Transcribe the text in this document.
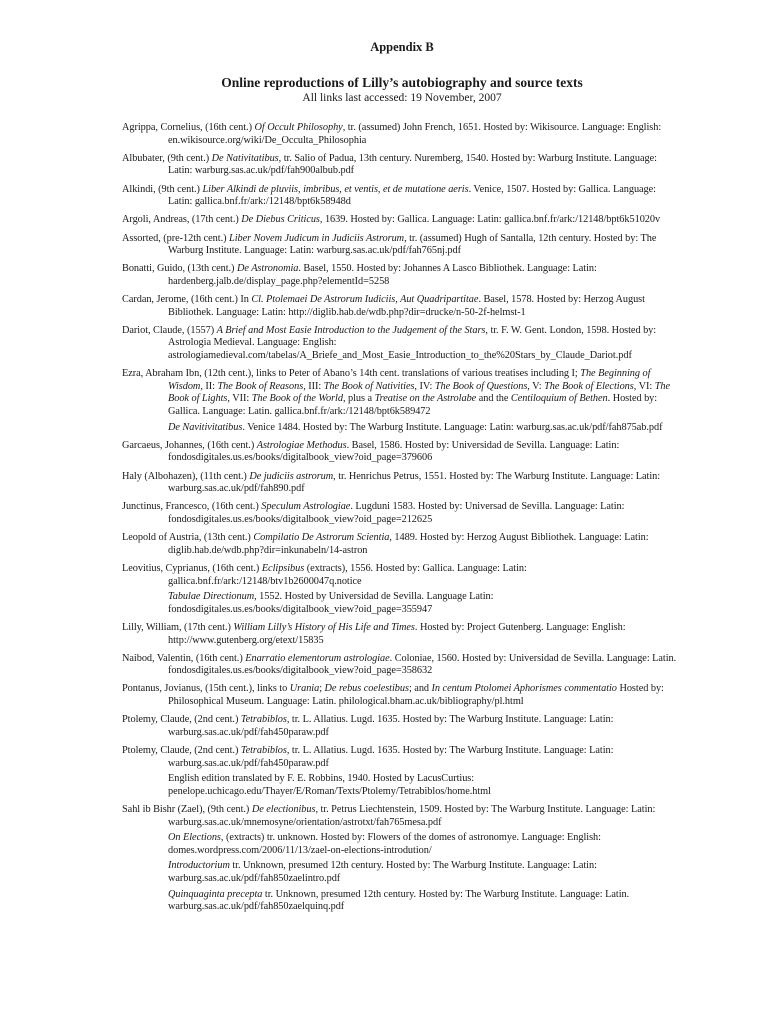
Appendix B
Online reproductions of Lilly’s autobiography and source texts

All links last accessed: 19 November, 2007

Agrippa, Cornelius, (16th cent.) Of Occult Philosophy, tr. (assumed) John French, 1651. Hosted by: Wikisource. Language: English: en.wikisource.org/wiki/De_Occulta_Philosophia

Albubater, (9th cent.) De Nativitatibus, tr. Salio of Padua, 13th century. Nuremberg, 1540. Hosted by: Warburg Institute. Language: Latin: warburg.sas.ac.uk/pdf/fah900albub.pdf

Alkindi, (9th cent.) Liber Alkindi de pluviis, imbribus, et ventis, et de mutatione aeris. Venice, 1507. Hosted by: Gallica. Language: Latin: gallica.bnf.fr/ark:/12148/bpt6k58948d

Argoli, Andreas, (17th cent.) De Diebus Criticus, 1639. Hosted by: Gallica. Language: Latin: gallica.bnf.fr/ark:/12148/bpt6k51020v

Assorted, (pre-12th cent.) Liber Novem Judicum in Judiciis Astrorum, tr. (assumed) Hugh of Santalla, 12th century. Hosted by: The Warburg Institute. Language: Latin: warburg.sas.ac.uk/pdf/fah765nj.pdf

Bonatti, Guido, (13th cent.) De Astronomia. Basel, 1550. Hosted by: Johannes A Lasco Bibliothek. Language: Latin: hardenberg.jalb.de/display_page.php?elementId=5258

Cardan, Jerome, (16th cent.) In Cl. Ptolemaei De Astrorum Iudiciis, Aut Quadripartitae. Basel, 1578. Hosted by: Herzog August Bibliothek. Language: Latin: http://diglib.hab.de/wdb.php?dir=drucke/n-50-2f-helmst-1

Dariot, Claude, (1557) A Brief and Most Easie Introduction to the Judgement of the Stars, tr. F. W. Gent. London, 1598. Hosted by: Astrologia Medieval. Language: English: astrologiamedieval.com/tabelas/A_Briefe_and_Most_Easie_Introduction_to_the%20Stars_by_Claude_Dariot.pdf

Ezra, Abraham Ibn, (12th cent.), links to Peter of Abano’s 14th cent. translations of various treatises including I; The Beginning of Wisdom, II: The Book of Reasons, III: The Book of Nativities, IV: The Book of Questions, V: The Book of Elections, VI: The Book of Lights, VII: The Book of the World, plus a Treatise on the Astrolabe and the Centiloquium of Bethen. Hosted by: Gallica. Language: Latin. gallica.bnf.fr/ark:/12148/bpt6k589472

De Navitivitatibus. Venice 1484. Hosted by: The Warburg Institute. Language: Latin: warburg.sas.ac.uk/pdf/fah875ab.pdf

Garcaeus, Johannes, (16th cent.) Astrologiae Methodus. Basel, 1586. Hosted by: Universidad de Sevilla. Language: Latin: fondosdigitales.us.es/books/digitalbook_view?oid_page=379606

Haly (Albohazen), (11th cent.) De judiciis astrorum, tr. Henrichus Petrus, 1551. Hosted by: The Warburg Institute. Language: Latin: warburg.sas.ac.uk/pdf/fah890.pdf

Junctinus, Francesco, (16th cent.) Speculum Astrologiae. Lugduni 1583. Hosted by: Universad de Sevilla. Language: Latin: fondosdigitales.us.es/books/digitalbook_view?oid_page=212625

Leopold of Austria, (13th cent.) Compilatio De Astrorum Scientia, 1489. Hosted by: Herzog August Bibliothek. Language: Latin: diglib.hab.de/wdb.php?dir=inkunabeln/14-astron

Leovitius, Cyprianus, (16th cent.) Eclipsibus (extracts), 1556. Hosted by: Gallica. Language: Latin: gallica.bnf.fr/ark:/12148/btv1b2600047q.notice

Tabulae Directionum, 1552. Hosted by Universidad de Sevilla. Language Latin: fondosdigitales.us.es/books/digitalbook_view?oid_page=355947

Lilly, William, (17th cent.) William Lilly’s History of His Life and Times. Hosted by: Project Gutenberg. Language: English: http://www.gutenberg.org/etext/15835

Naibod, Valentin, (16th cent.) Enarratio elementorum astrologiae. Coloniae, 1560. Hosted by: Universidad de Sevilla. Language: Latin. fondosdigitales.us.es/books/digitalbook_view?oid_page=358632

Pontanus, Jovianus, (15th cent.), links to Urania; De rebus coelestibus; and In centum Ptolomei Aphorismes commentatio Hosted by: Philosophical Museum. Language: Latin. philological.bham.ac.uk/bibliography/pl.html

Ptolemy, Claude, (2nd cent.) Tetrabiblos, tr. L. Allatius. Lugd. 1635. Hosted by: The Warburg Institute. Language: Latin: warburg.sas.ac.uk/pdf/fah450paraw.pdf

Ptolemy, Claude, (2nd cent.) Tetrabiblos, tr. L. Allatius. Lugd. 1635. Hosted by: The Warburg Institute. Language: Latin: warburg.sas.ac.uk/pdf/fah450paraw.pdf

English edition translated by F. E. Robbins, 1940. Hosted by LacusCurtius: penelope.uchicago.edu/Thayer/E/Roman/Texts/Ptolemy/Tetrabiblos/home.html

Sahl ib Bishr (Zael), (9th cent.) De electionibus, tr. Petrus Liechtenstein, 1509. Hosted by: The Warburg Institute. Language: Latin: warburg.sas.ac.uk/mnemosyne/orientation/astrotxt/fah765mesa.pdf

On Elections, (extracts) tr. unknown. Hosted by: Flowers of the domes of astronomye. Language: English: domes.wordpress.com/2006/11/13/zael-on-elections-introdution/

Introductorium tr. Unknown, presumed 12th century. Hosted by: The Warburg Institute. Language: Latin: warburg.sas.ac.uk/pdf/fah850zaelintro.pdf

Quinquaginta precepta tr. Unknown, presumed 12th century. Hosted by: The Warburg Institute. Language: Latin. warburg.sas.ac.uk/pdf/fah850zaelquinq.pdf
